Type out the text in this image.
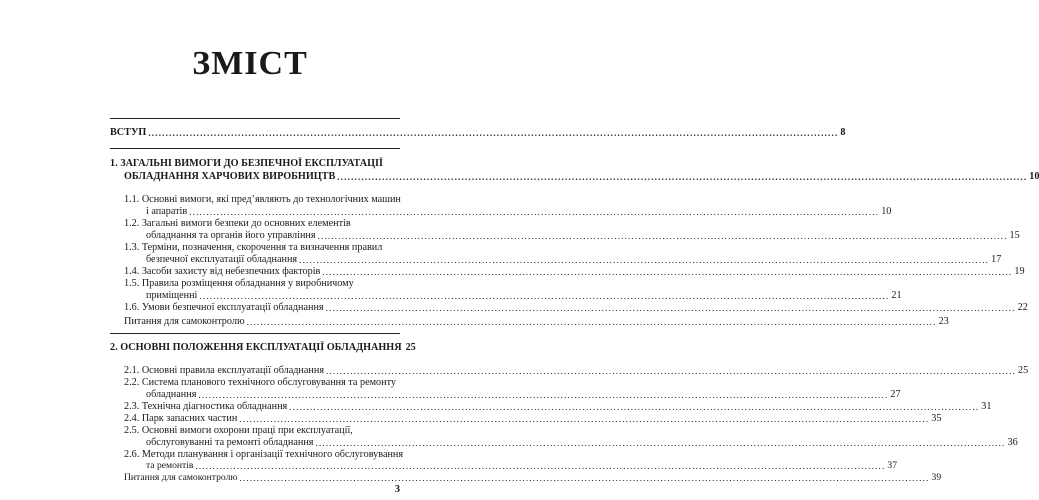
ЗМІСТ
ВСТУП ........................................................................................................................................................................................................ 8
1. ЗАГАЛЬНІ ВИМОГИ ДО БЕЗПЕЧНОЇ ЕКСПЛУАТАЦІЇ
ОБЛАДНАННЯ ХАРЧОВИХ ВИРОБНИЦТВ ........................................................................................................................................................................................................ 10
1.1. Основні вимоги, які пред’являють до технологічних машин
і апаратів ........................................................................................................................................................................................................ 10
1.2. Загальні вимоги безпеки до основних елементів
обладнання та органів його управління ........................................................................................................................................................................................................ 15
1.3. Терміни, позначення, скорочення та визначення правил
безпечної експлуатації обладнання ........................................................................................................................................................................................................ 17
1.4. Засоби захисту від небезпечних факторів ........................................................................................................................................................................................................ 19
1.5. Правила розміщення обладнання у виробничому
приміщенні ........................................................................................................................................................................................................ 21
1.6. Умови безпечної експлуатації обладнання ........................................................................................................................................................................................................ 22
Питання для самоконтролю ........................................................................................................................................................................................................ 23
2. ОСНОВНІ ПОЛОЖЕННЯ ЕКСПЛУАТАЦІЇ ОБЛАДНАННЯ 25
2.1. Основні правила експлуатації обладнання ........................................................................................................................................................................................................ 25
2.2. Система планового технічного обслуговування та ремонту
обладнання ........................................................................................................................................................................................................ 27
2.3. Технічна діагностика обладнання ........................................................................................................................................................................................................ 31
2.4. Парк запасних частин ........................................................................................................................................................................................................ 35
2.5. Основні вимоги охорони праці при експлуатації,
обслуговуванні та ремонті обладнання ........................................................................................................................................................................................................ 36
2.6. Методи планування і організації технічного обслуговування
та ремонтів ........................................................................................................................................................................................................ 37
Питання для самоконтролю ........................................................................................................................................................................................................ 39
3
